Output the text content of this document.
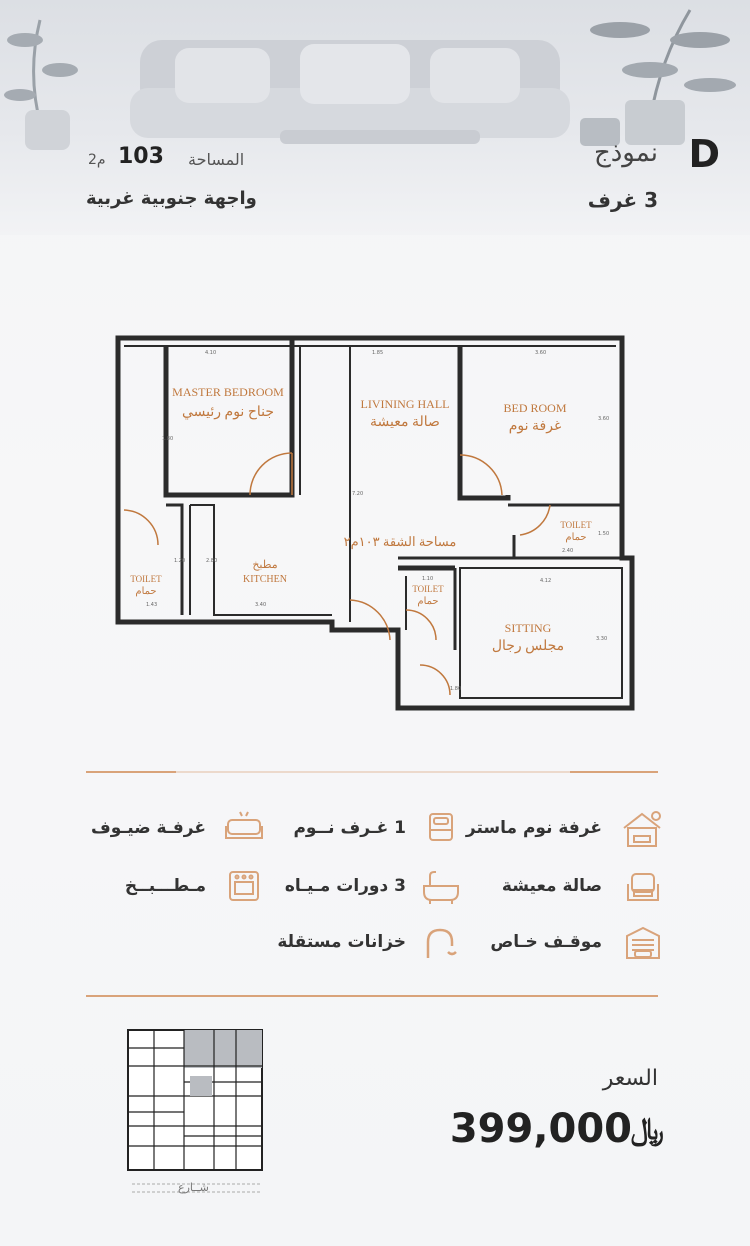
نموذج D
3 غرف
المساحة
103
م2
واجهة جنوبية غربية
MASTER BEDROOM
جناح نوم رئيسي
LIVINING HALL
صالة معيشة
BED ROOM
غرفة نوم
TOILET
حمام
KITCHEN
مطبخ
TOILET
حمام	TOILET
حمام
SITTING
مجلس رجال
مساحة الشقة ١٠٣م٢
4.10	1.85	3.60
3.60
2.40
1.80
3.40
1.43
1.10	4.12
3.30
1.80
7.20
1.50
1.20	2.80
غرفة نوم ماستر
1 غـرف نــوم
غرفـة ضيـوف
صالة معيشة
3 دورات مـيـاه
مـطـــبــخ
موقـف خـاص
خزانات مستقلة
شــارع
السعر
399,000
﷼
